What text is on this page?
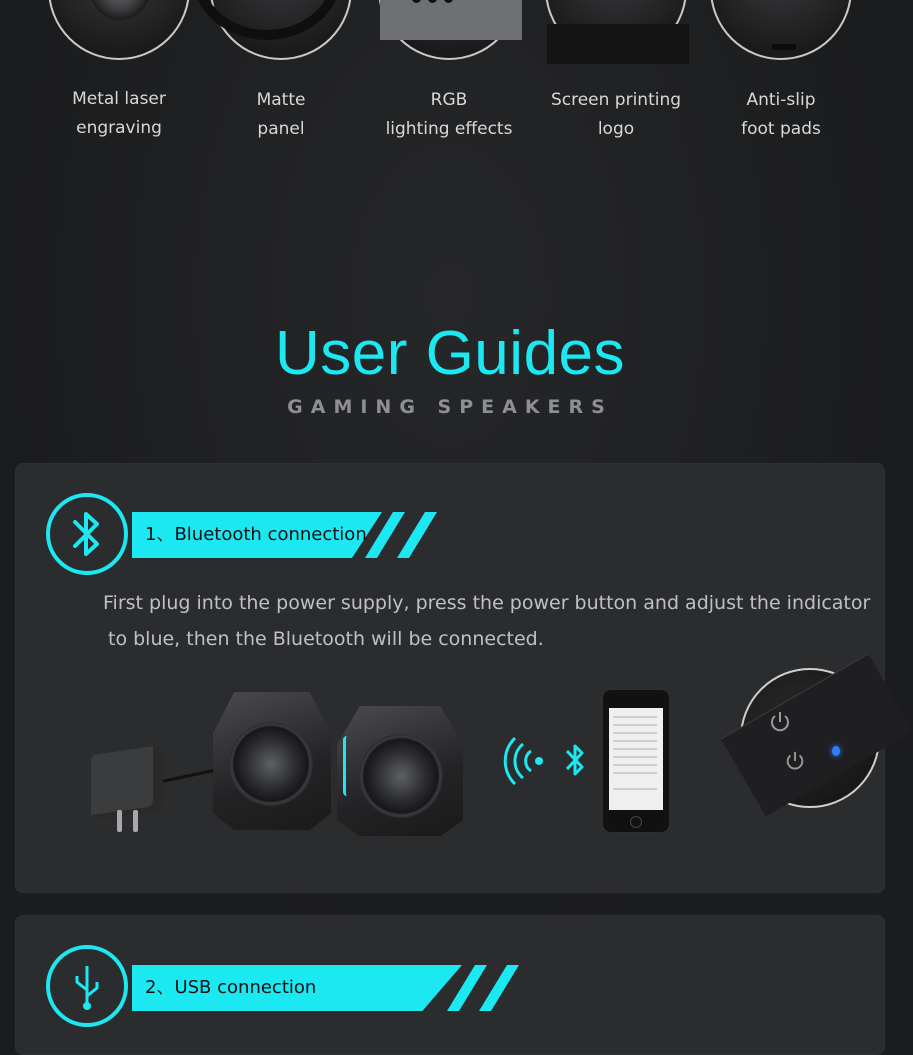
Metal laser
engraving
Matte
panel
RGB
lighting effects
Screen printing
logo
Anti-slip
foot pads
User Guides
GAMING SPEAKERS
1、Bluetooth connection
First plug into the power supply, press the power button and adjust the indicator
to blue, then the Bluetooth will be connected.
2、USB connection
